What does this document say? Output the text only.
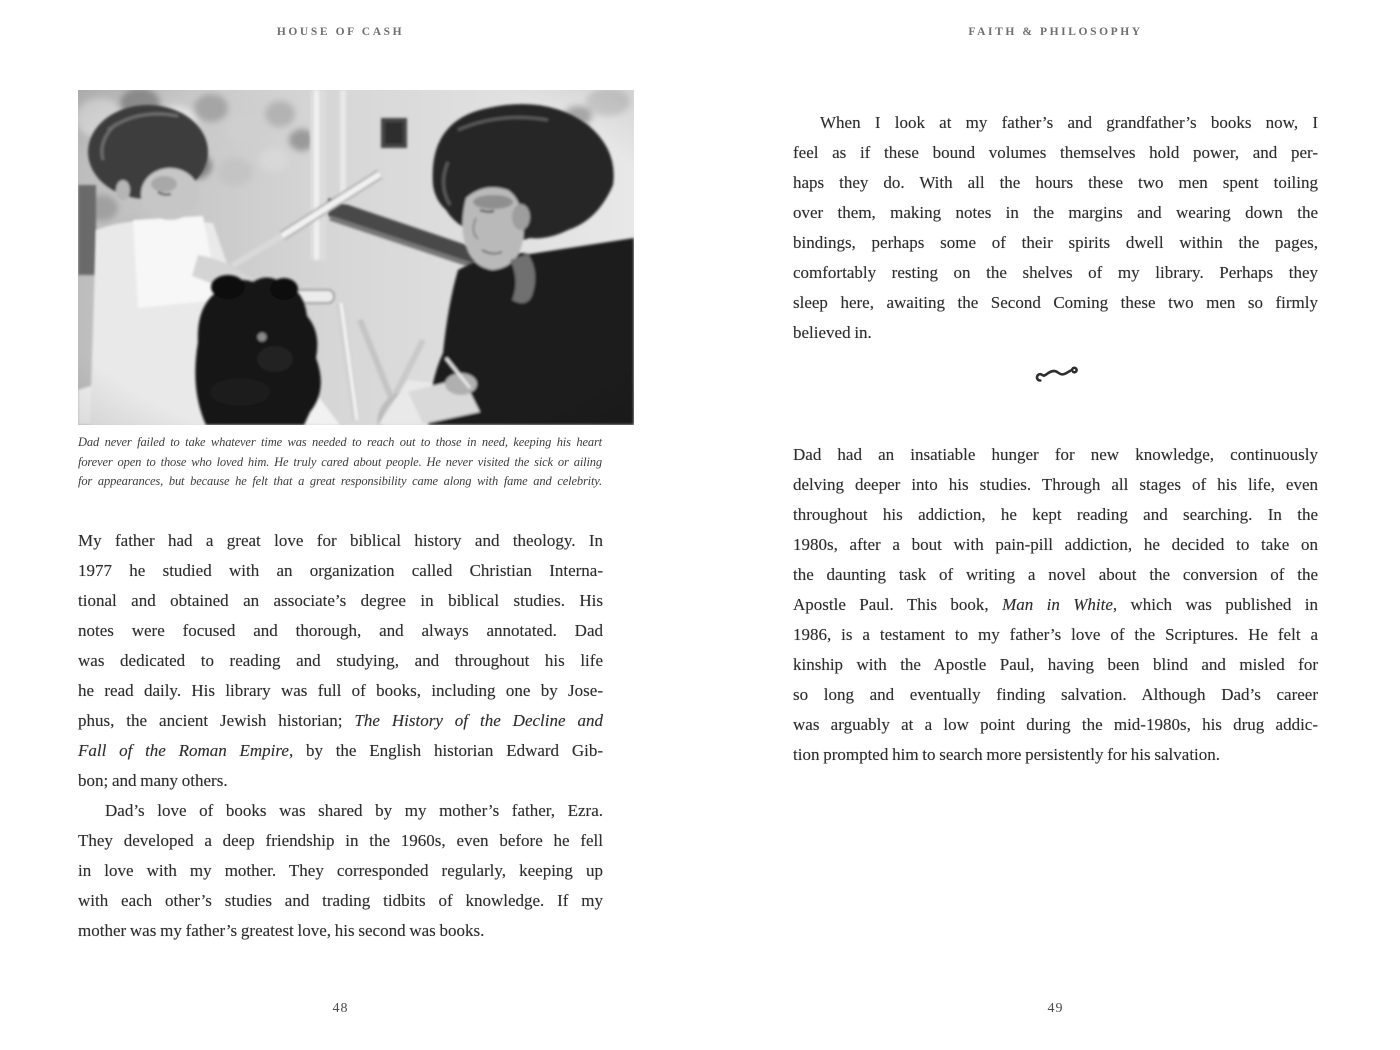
HOUSE OF CASH
Dad never failed to take whatever time was needed to reach out to those in need, keeping his heart
forever open to those who loved him. He truly cared about people. He never visited the sick or ailing
for appearances, but because he felt that a great responsibility came along with fame and celebrity.
My father had a great love for biblical history and theology. In
1977 he studied with an organization called Christian Interna-
tional and obtained an associate’s degree in biblical studies. His
notes were focused and thorough, and always annotated. Dad
was dedicated to reading and studying, and throughout his life
he read daily. His library was full of books, including one by Jose-
phus, the ancient Jewish historian; The History of the Decline and
Fall of the Roman Empire, by the English historian Edward Gib-
bon; and many others.
Dad’s love of books was shared by my mother’s father, Ezra.
They developed a deep friendship in the 1960s, even before he fell
in love with my mother. They corresponded regularly, keeping up
with each other’s studies and trading tidbits of knowledge. If my
mother was my father’s greatest love, his second was books.
48
FAITH & PHILOSOPHY
When I look at my father’s and grandfather’s books now, I
feel as if these bound volumes themselves hold power, and per-
haps they do. With all the hours these two men spent toiling
over them, making notes in the margins and wearing down the
bindings, perhaps some of their spirits dwell within the pages,
comfortably resting on the shelves of my library. Perhaps they
sleep here, awaiting the Second Coming these two men so firmly
believed in.
Dad had an insatiable hunger for new knowledge, continuously
delving deeper into his studies. Through all stages of his life, even
throughout his addiction, he kept reading and searching. In the
1980s, after a bout with pain-pill addiction, he decided to take on
the daunting task of writing a novel about the conversion of the
Apostle Paul. This book, Man in White, which was published in
1986, is a testament to my father’s love of the Scriptures. He felt a
kinship with the Apostle Paul, having been blind and misled for
so long and eventually finding salvation. Although Dad’s career
was arguably at a low point during the mid-1980s, his drug addic-
tion prompted him to search more persistently for his salvation.
49
